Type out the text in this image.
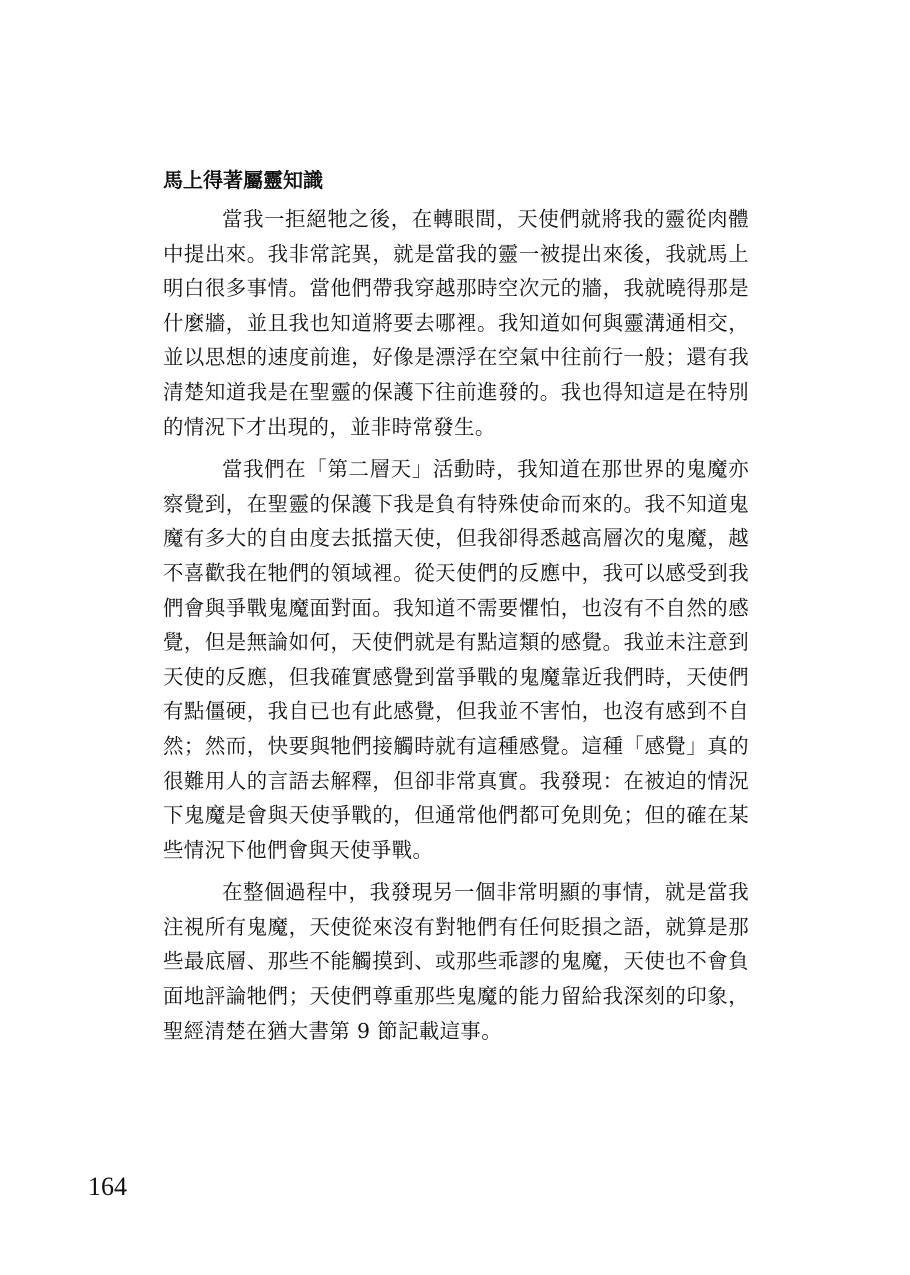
馬上得著屬靈知識

當我一拒絕牠之後，在轉眼間，天使們就將我的靈從肉體中提出來。我非常詫異，就是當我的靈一被提出來後，我就馬上明白很多事情。當他們帶我穿越那時空次元的牆，我就曉得那是什麼牆，並且我也知道將要去哪裡。我知道如何與靈溝通相交，並以思想的速度前進，好像是漂浮在空氣中往前行一般；還有我清楚知道我是在聖靈的保護下往前進發的。我也得知這是在特別的情況下才出現的，並非時常發生。

當我們在「第二層天」活動時，我知道在那世界的鬼魔亦察覺到，在聖靈的保護下我是負有特殊使命而來的。我不知道鬼魔有多大的自由度去抵擋天使，但我卻得悉越高層次的鬼魔，越不喜歡我在牠們的領域裡。從天使們的反應中，我可以感受到我們會與爭戰鬼魔面對面。我知道不需要懼怕，也沒有不自然的感覺，但是無論如何，天使們就是有點這類的感覺。我並未注意到天使的反應，但我確實感覺到當爭戰的鬼魔靠近我們時，天使們有點僵硬，我自已也有此感覺，但我並不害怕，也沒有感到不自然；然而，快要與牠們接觸時就有這種感覺。這種「感覺」真的很難用人的言語去解釋，但卻非常真實。我發現：在被迫的情況下鬼魔是會與天使爭戰的，但通常他們都可免則免；但的確在某些情況下他們會與天使爭戰。

在整個過程中，我發現另一個非常明顯的事情，就是當我注視所有鬼魔，天使從來沒有對牠們有任何貶損之語，就算是那些最底層、那些不能觸摸到、或那些乖謬的鬼魔，天使也不會負面地評論牠們；天使們尊重那些鬼魔的能力留給我深刻的印象，聖經清楚在猶大書第 9 節記載這事。

164
